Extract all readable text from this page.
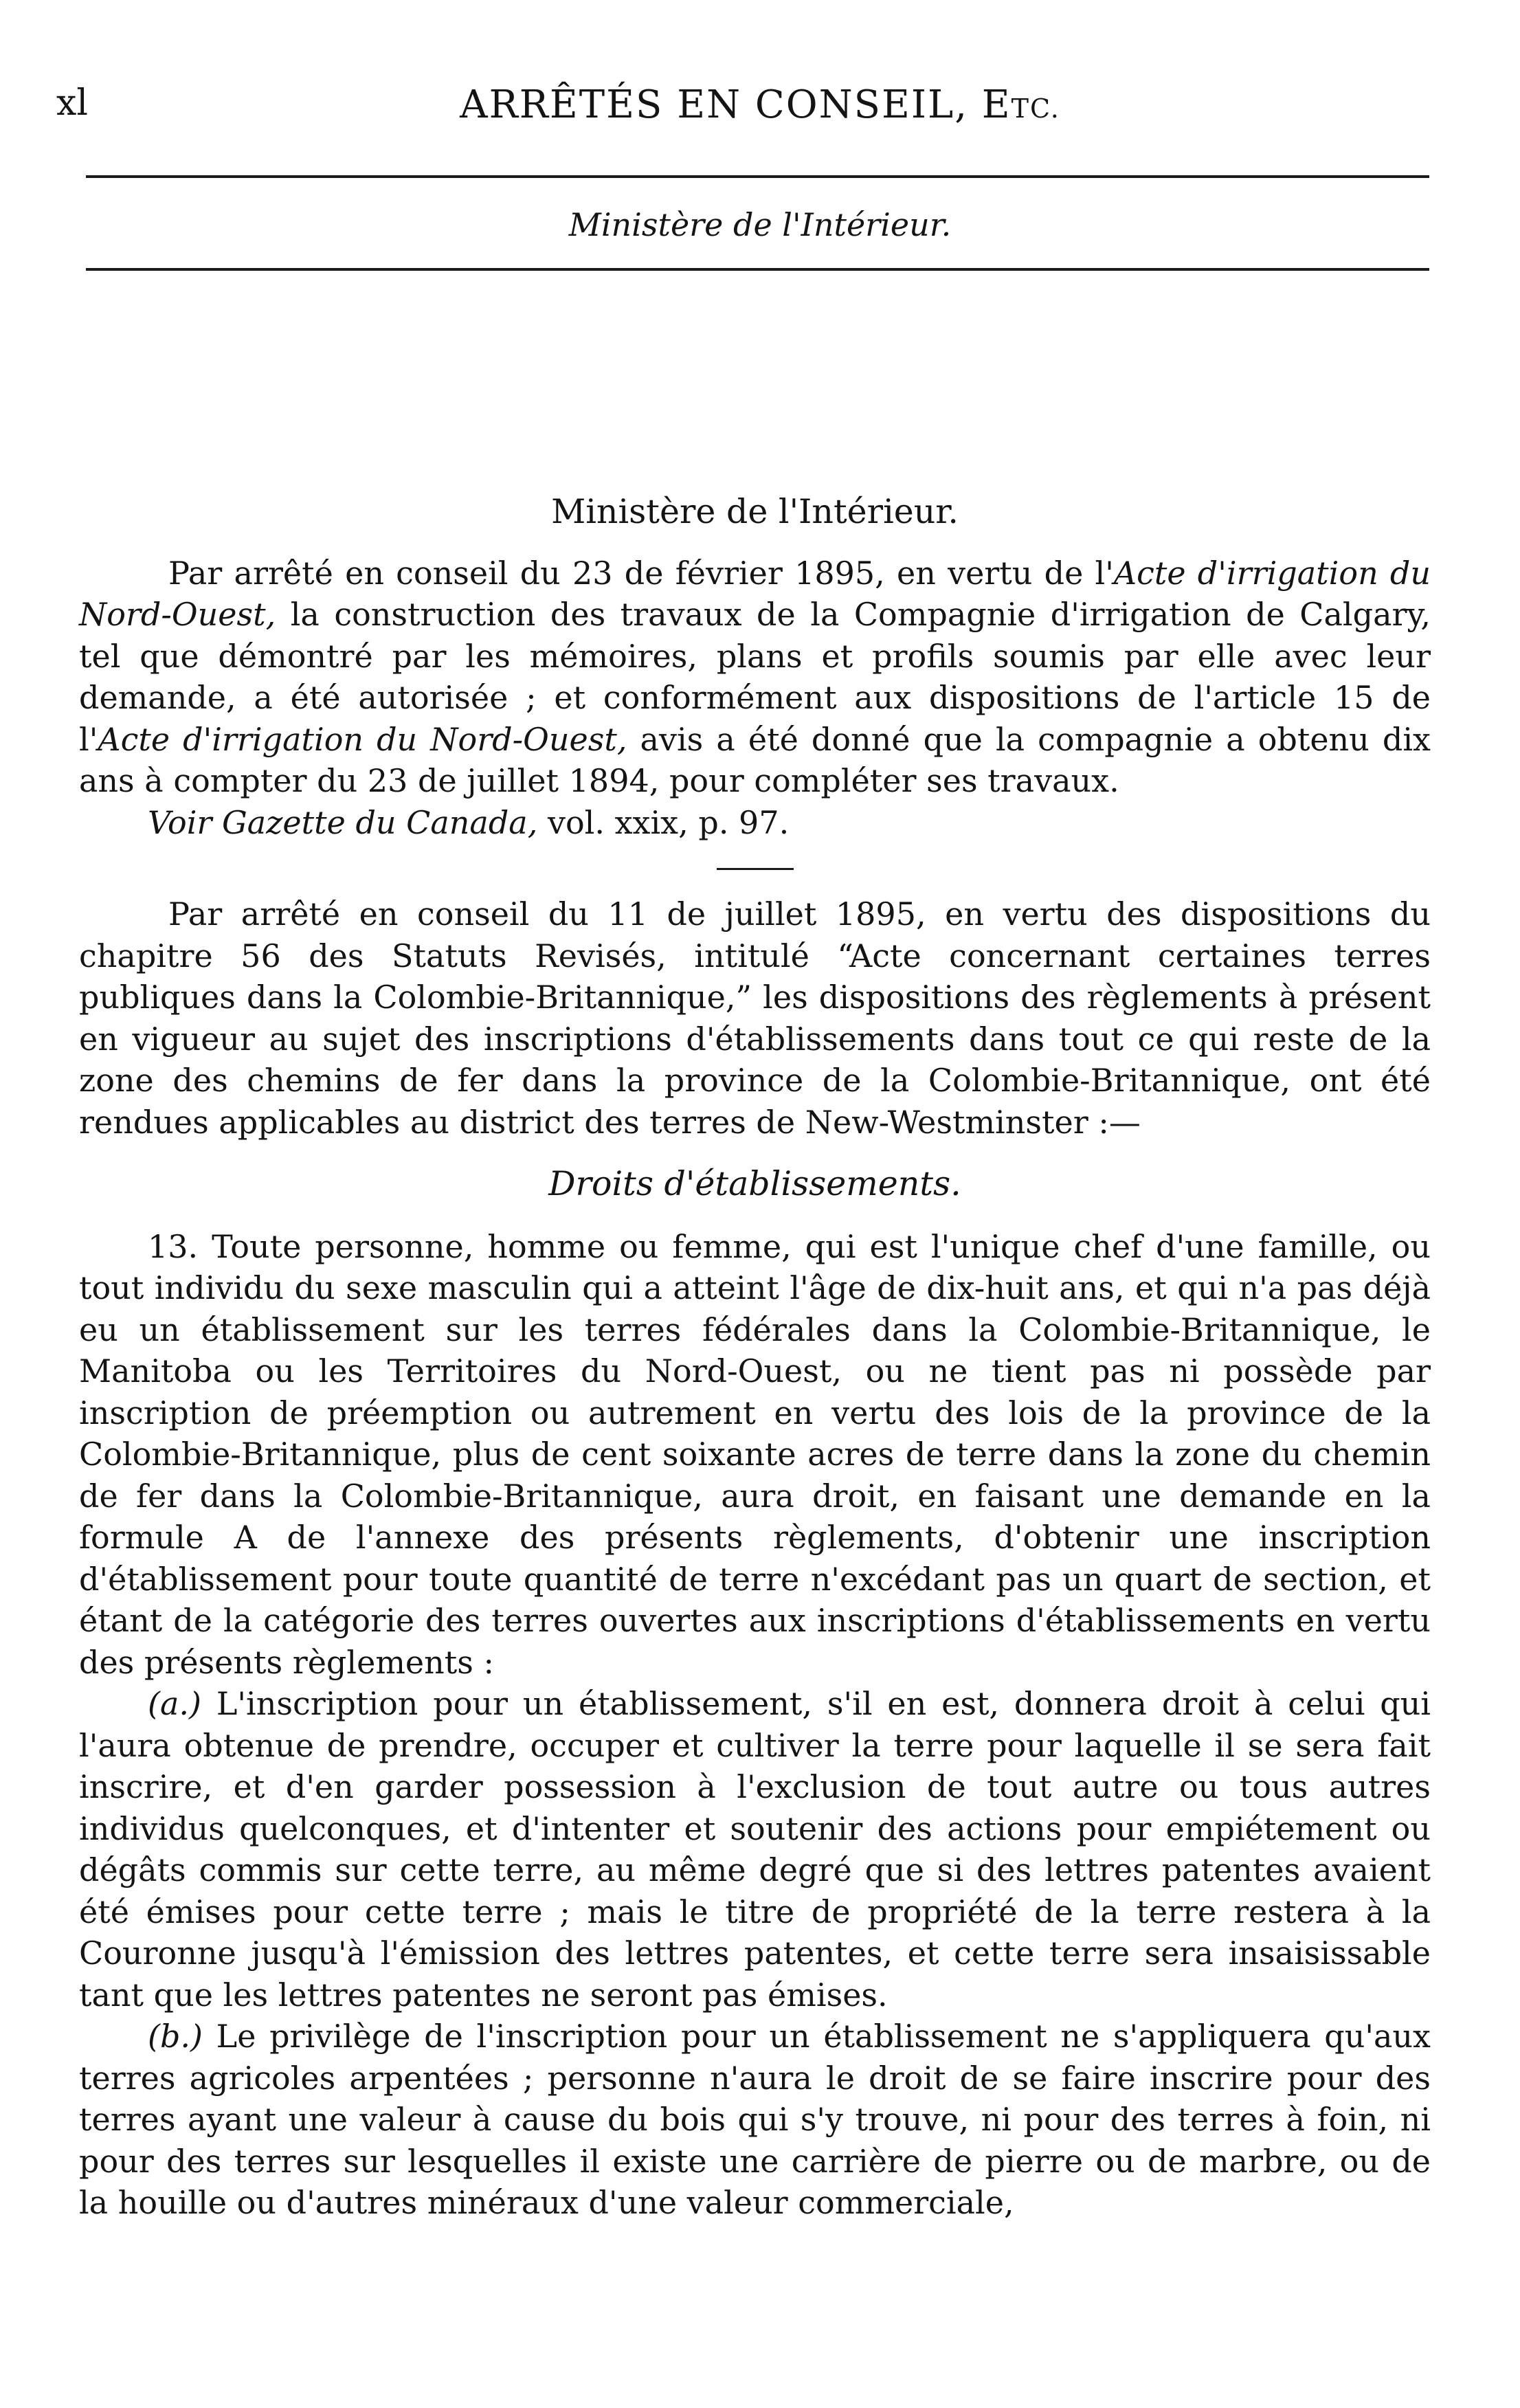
xl	ARRÊTÉS EN CONSEIL, ETC.
Ministère de l'Intérieur.

Ministère de l'Intérieur.

Par arrêté en conseil du 23 de février 1895, en vertu de l'Acte d'irrigation du Nord-Ouest, la construction des travaux de la Compagnie d'irrigation de Calgary, tel que démontré par les mémoires, plans et profils soumis par elle avec leur demande, a été autorisée ; et conformément aux dispositions de l'article 15 de l'Acte d'irrigation du Nord-Ouest, avis a été donné que la compagnie a obtenu dix ans à compter du 23 de juillet 1894, pour compléter ses travaux.

Voir Gazette du Canada, vol. xxix, p. 97.

Par arrêté en conseil du 11 de juillet 1895, en vertu des dispositions du chapitre 56 des Statuts Revisés, intitulé “Acte concernant certaines terres publiques dans la Colombie-Britannique,” les dispositions des règlements à présent en vigueur au sujet des inscriptions d'établissements dans tout ce qui reste de la zone des chemins de fer dans la province de la Colombie-Britannique, ont été rendues applicables au district des terres de New-Westminster :—

Droits d'établissements.

13. Toute personne, homme ou femme, qui est l'unique chef d'une famille, ou tout individu du sexe masculin qui a atteint l'âge de dix-huit ans, et qui n'a pas déjà eu un établissement sur les terres fédérales dans la Colombie-Britannique, le Manitoba ou les Territoires du Nord-Ouest, ou ne tient pas ni possède par inscription de préemption ou autrement en vertu des lois de la province de la Colombie-Britannique, plus de cent soixante acres de terre dans la zone du chemin de fer dans la Colombie-Britannique, aura droit, en faisant une demande en la formule A de l'annexe des présents règlements, d'obtenir une inscription d'établissement pour toute quantité de terre n'excédant pas un quart de section, et étant de la catégorie des terres ouvertes aux inscriptions d'établissements en vertu des présents règlements :

(a.) L'inscription pour un établissement, s'il en est, donnera droit à celui qui l'aura obtenue de prendre, occuper et cultiver la terre pour laquelle il se sera fait inscrire, et d'en garder possession à l'exclusion de tout autre ou tous autres individus quelconques, et d'intenter et soutenir des actions pour empiétement ou dégâts commis sur cette terre, au même degré que si des lettres patentes avaient été émises pour cette terre ; mais le titre de propriété de la terre restera à la Couronne jusqu'à l'émission des lettres patentes, et cette terre sera insaisissable tant que les lettres patentes ne seront pas émises.

(b.) Le privilège de l'inscription pour un établissement ne s'appliquera qu'aux terres agricoles arpentées ; personne n'aura le droit de se faire inscrire pour des terres ayant une valeur à cause du bois qui s'y trouve, ni pour des terres à foin, ni pour des terres sur lesquelles il existe une carrière de pierre ou de marbre, ou de la houille ou d'autres minéraux d'une valeur commerciale,
